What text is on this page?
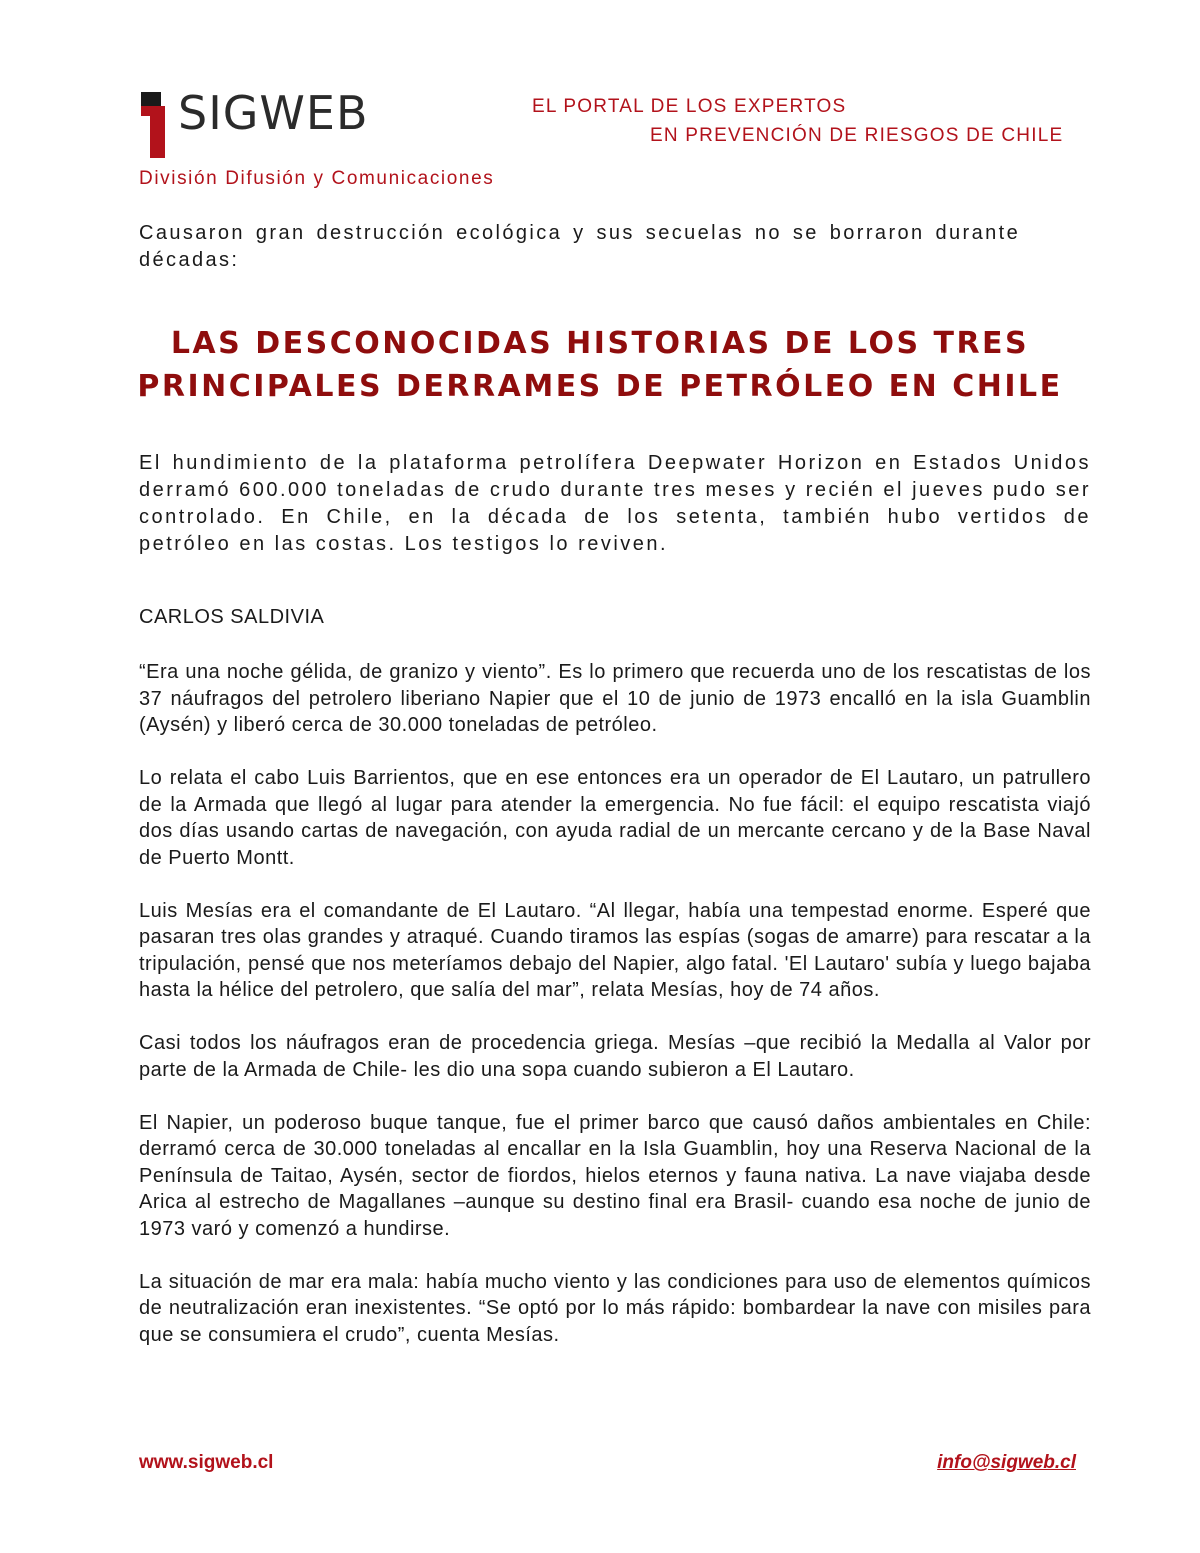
SIGWEB
División Difusión y Comunicaciones
EL PORTAL DE LOS EXPERTOS
EN PREVENCIÓN DE RIESGOS DE CHILE
Causaron gran destrucción ecológica y sus secuelas no se borraron durante décadas:
LAS DESCONOCIDAS HISTORIAS DE LOS TRES
PRINCIPALES DERRAMES DE PETRÓLEO EN CHILE
El hundimiento de la plataforma petrolífera Deepwater Horizon en Estados Unidos derramó 600.000 toneladas de crudo durante tres meses y recién el jueves pudo ser controlado. En Chile, en la década de los setenta, también hubo vertidos de petróleo en las costas. Los testigos lo reviven.
CARLOS SALDIVIA

“Era una noche gélida, de granizo y viento”. Es lo primero que recuerda uno de los rescatistas de los 37 náufragos del petrolero liberiano Napier que el 10 de junio de 1973 encalló en la isla Guamblin (Aysén) y liberó cerca de 30.000 toneladas de petróleo.

Lo relata el cabo Luis Barrientos, que en ese entonces era un operador de El Lautaro, un patrullero de la Armada que llegó al lugar para atender la emergencia. No fue fácil: el equipo rescatista viajó dos días usando cartas de navegación, con ayuda radial de un mercante cercano y de la Base Naval de Puerto Montt.

Luis Mesías era el comandante de El Lautaro. “Al llegar, había una tempestad enorme. Esperé que pasaran tres olas grandes y atraqué. Cuando tiramos las espías (sogas de amarre) para rescatar a la tripulación, pensé que nos meteríamos debajo del Napier, algo fatal. 'El Lautaro' subía y luego bajaba hasta la hélice del petrolero, que salía del mar”, relata Mesías, hoy de 74 años.

Casi todos los náufragos eran de procedencia griega. Mesías –que recibió la Medalla al Valor por parte de la Armada de Chile- les dio una sopa cuando subieron a El Lautaro.

El Napier, un poderoso buque tanque, fue el primer barco que causó daños ambientales en Chile: derramó cerca de 30.000 toneladas al encallar en la Isla Guamblin, hoy una Reserva Nacional de la Península de Taitao, Aysén, sector de fiordos, hielos eternos y fauna nativa. La nave viajaba desde Arica al estrecho de Magallanes –aunque su destino final era Brasil- cuando esa noche de junio de 1973 varó y comenzó a hundirse.

La situación de mar era mala: había mucho viento y las condiciones para uso de elementos químicos de neutralización eran inexistentes. “Se optó por lo más rápido: bombardear la nave con misiles para que se consumiera el crudo”, cuenta Mesías.

www.sigweb.cl	info@sigweb.cl
